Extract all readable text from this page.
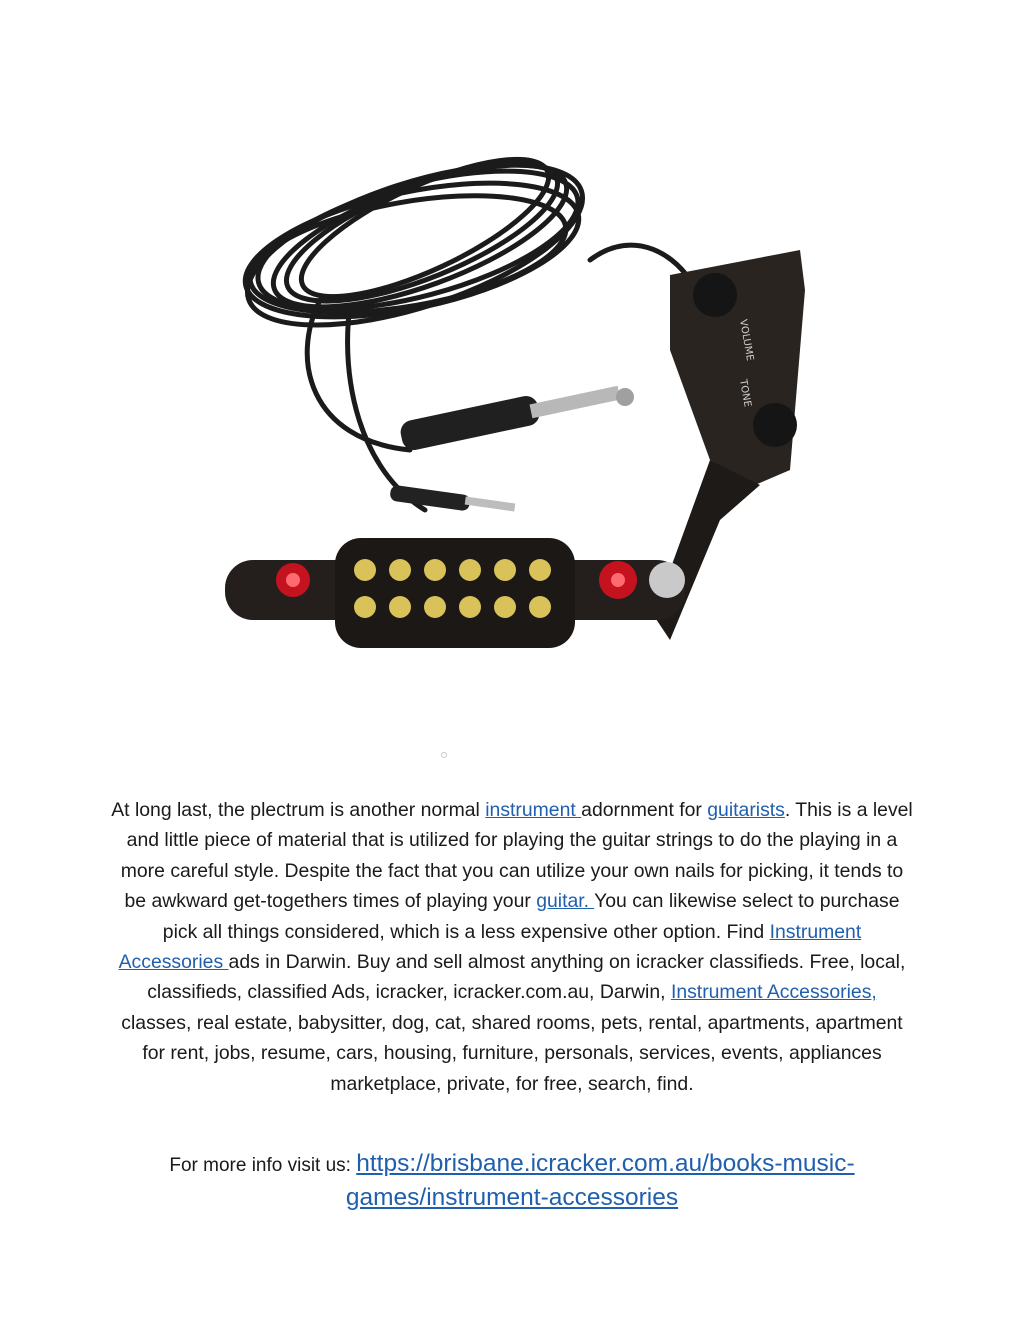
VOLUME
TONE
At long last, the plectrum is another normal instrument adornment for guitarists. This is a level and little piece of material that is utilized for playing the guitar strings to do the playing in a more careful style. Despite the fact that you can utilize your own nails for picking, it tends to be awkward get-togethers times of playing your guitar. You can likewise select to purchase pick all things considered, which is a less expensive other option. Find Instrument Accessories ads in Darwin. Buy and sell almost anything on icracker classifieds. Free, local, classifieds, classified Ads, icracker, icracker.com.au, Darwin, Instrument Accessories, classes, real estate, babysitter, dog, cat, shared rooms, pets, rental, apartments, apartment for rent, jobs, resume, cars, housing, furniture, personals, services, events, appliances marketplace, private, for free, search, find.
For more info visit us: https://brisbane.icracker.com.au/books-music-games/instrument-accessories
